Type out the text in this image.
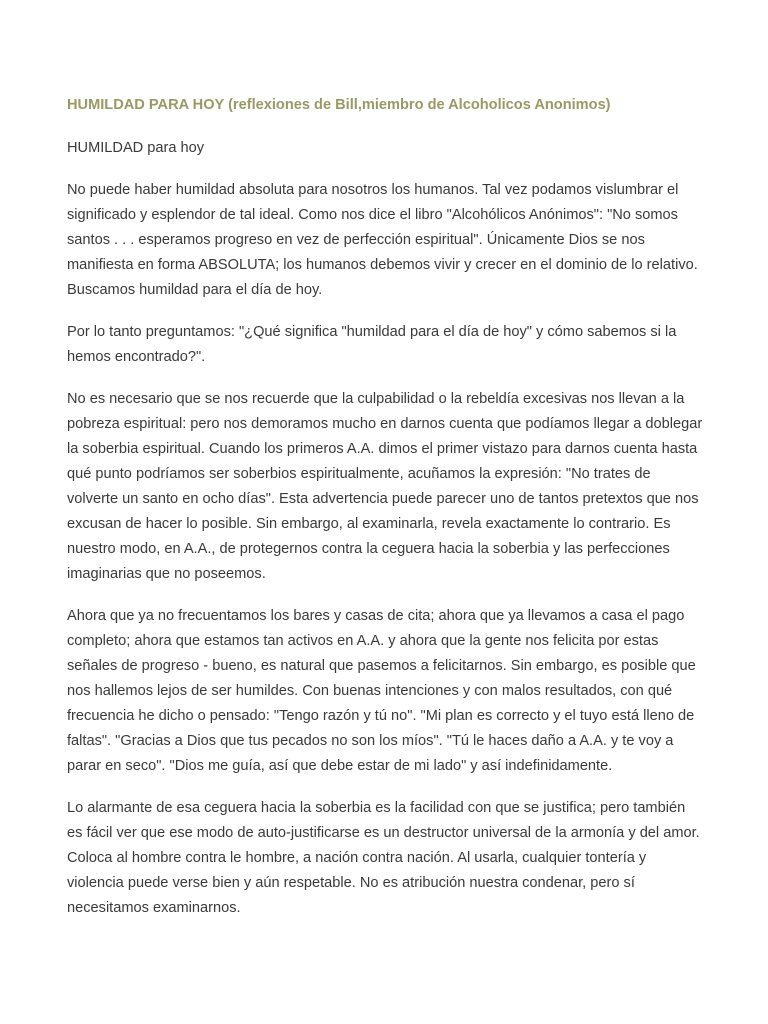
HUMILDAD PARA HOY (reflexiones de Bill,miembro de Alcoholicos Anonimos)
HUMILDAD para hoy

No puede haber humildad absoluta para nosotros los humanos. Tal vez podamos vislumbrar el significado y esplendor de tal ideal. Como nos dice el libro "Alcohólicos Anónimos": "No somos santos . . . esperamos progreso en vez de perfección espiritual". Únicamente Dios se nos manifiesta en forma ABSOLUTA; los humanos debemos vivir y crecer en el dominio de lo relativo. Buscamos humildad para el día de hoy.

Por lo tanto preguntamos: "¿Qué significa "humildad para el día de hoy" y cómo sabemos si la hemos encontrado?".

No es necesario que se nos recuerde que la culpabilidad o la rebeldía excesivas nos llevan a la pobreza espiritual: pero nos demoramos mucho en darnos cuenta que podíamos llegar a doblegar la soberbia espiritual. Cuando los primeros A.A. dimos el primer vistazo para darnos cuenta hasta qué punto podríamos ser soberbios espiritualmente, acuñamos la expresión: "No trates de volverte un santo en ocho días". Esta advertencia puede parecer uno de tantos pretextos que nos excusan de hacer lo posible. Sin embargo, al examinarla, revela exactamente lo contrario. Es nuestro modo, en A.A., de protegernos contra la ceguera hacia la soberbia y las perfecciones imaginarias que no poseemos.

Ahora que ya no frecuentamos los bares y casas de cita; ahora que ya llevamos a casa el pago completo; ahora que estamos tan activos en A.A. y ahora que la gente nos felicita por estas señales de progreso - bueno, es natural que pasemos a felicitarnos. Sin embargo, es posible que nos hallemos lejos de ser humildes. Con buenas intenciones y con malos resultados, con qué frecuencia he dicho o pensado: "Tengo razón y tú no". "Mi plan es correcto y el tuyo está lleno de faltas". "Gracias a Dios que tus pecados no son los míos". "Tú le haces daño a A.A. y te voy a parar en seco". "Dios me guía, así que debe estar de mi lado" y así indefinidamente.

Lo alarmante de esa ceguera hacia la soberbia es la facilidad con que se justifica; pero también es fácil ver que ese modo de auto-justificarse es un destructor universal de la armonía y del amor. Coloca al hombre contra le hombre, a nación contra nación. Al usarla, cualquier tontería y violencia puede verse bien y aún respetable. No es atribución nuestra condenar, pero sí necesitamos examinarnos.
